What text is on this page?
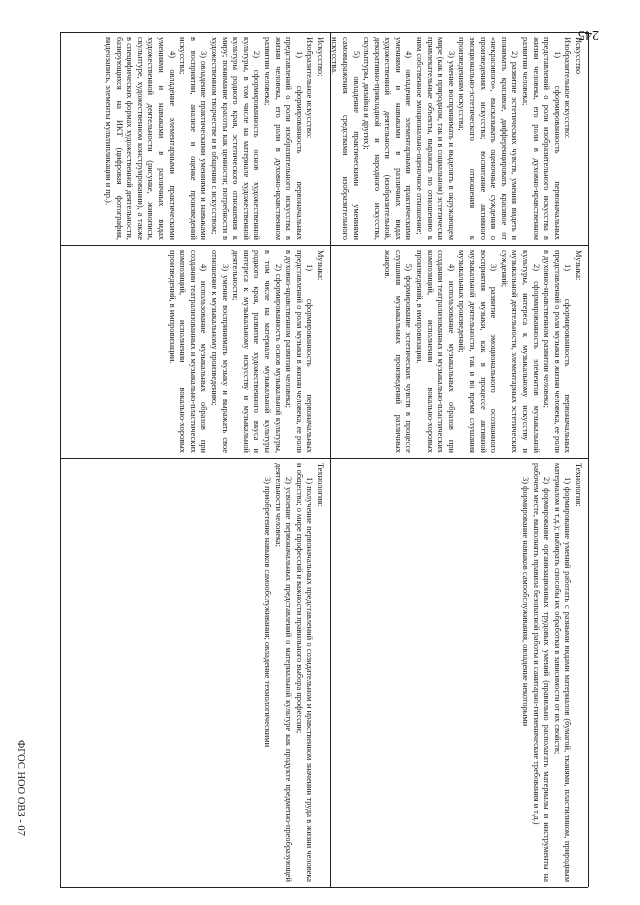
245
ФГОС НОО ОВЗ - 07

Искусство:

Изобразительное искусство:

1) сформированность первоначальных представлений о роли изобразительного искусства в жизни человека, его роли в духовно-нравственном развитии человека;

2) сформированность основ художественной культуры, в том числе на материале художественной культуры родного края, эстетического отношения к миру; понимание красоты как ценности; потребности в художественном творчестве и в общении с искусством;

3) овладение практическими умениями и навыками в восприятии, анализе и оценке произведений искусства;

4) овладение элементарными практическими умениями и навыками в различных видах художественной деятельности (рисунке, живописи, скульптуре, художественном конструировании), а также в специфических формах художественной деятельности, базирующихся на ИКТ (цифровая фотография, видеозапись, элементы мультипликации и пр.).	Искусство

Изобразительное искусство:

1) сформированность первоначальных представлений о роли изобразительного искусства в жизни человека, его роли в духовно-нравственном развитии человека;

2) развитие эстетических чувств, умения видеть и понимать красивое, дифференцировать красивое от «некрасивого», высказывать оценочные суждения о произведениях искусства; воспитание активного эмоционально-эстетического отношения к произведениям искусства;

3) умение воспринимать и выделять в окружающем мире (как в природном, так и в социальном) эстетически привлекательные объекты, выражать по отношению к ним собственное эмоционально-оценочное отношение;

4) овладение элементарными практическими умениями и навыками в различных видах художественной деятельности (изобразительной, декоративно-прикладной и народного искусства, скульптуры, дизайна и других);

5) овладение практическими умениями самовыражения средствами изобразительного искусства.

Музыка:

1) сформированность первоначальных представлений о роли музыки в жизни человека, ее роли в духовно-нравственном развитии человека;

2) сформированность основ музыкальной культуры, в том числе на материале музыкальной культуры родного края, развитие художественного вкуса и интереса к музыкальному искусству и музыкальной деятельности;

3) умение воспринимать музыку и выражать свое отношение к музыкальному произведению;

4) использование музыкальных образов при создании театрализованных и музыкально-пластических композиций, исполнении вокально-хоровых произведений, в импровизации.	Музыка:

1) сформированность первоначальных представлений о роли музыки в жизни человека, ее роли в духовно-нравственном развитии человека;

2) сформированность элементов музыкальной культуры, интереса к музыкальному искусству и музыкальной деятельности, элементарных эстетических суждений;

3) развитие эмоционального осознанного восприятия музыки, как в процессе активной музыкальной деятельности, так и во время слушания музыкальных произведений;

4) использование музыкальных образов при создании театрализованных и музыкально-пластических композиций, исполнении вокально-хоровых произведений, в импровизации.

5) формирование эстетических чувств в процессе слушания музыкальных произведений различных жанров.

Технология:

1) получение первоначальных представлений о созидательном и нравственном значении труда в жизни человека и общества; о мире профессий и важности правильного выбора профессии;

2) усвоение первоначальных представлений о материальной культуре как продукте предметно-преобразующей деятельности человека;

3) приобретение навыков самообслуживания; овладение технологическими	Технология:

1) формирование умений работать с разными видами материалов (бумагой, тканями, пластилином, природным материалом и т.д.); выбирать способы их обработки в зависимости от их свойств;

2) формирование организационных трудовых умений (правильно располагать материалы и инструменты на рабочем месте, выполнять правила безопасной работы и санитарно-гигиенические требования и т.д.)

3) формирование навыков самообслуживания, овладение некоторыми
